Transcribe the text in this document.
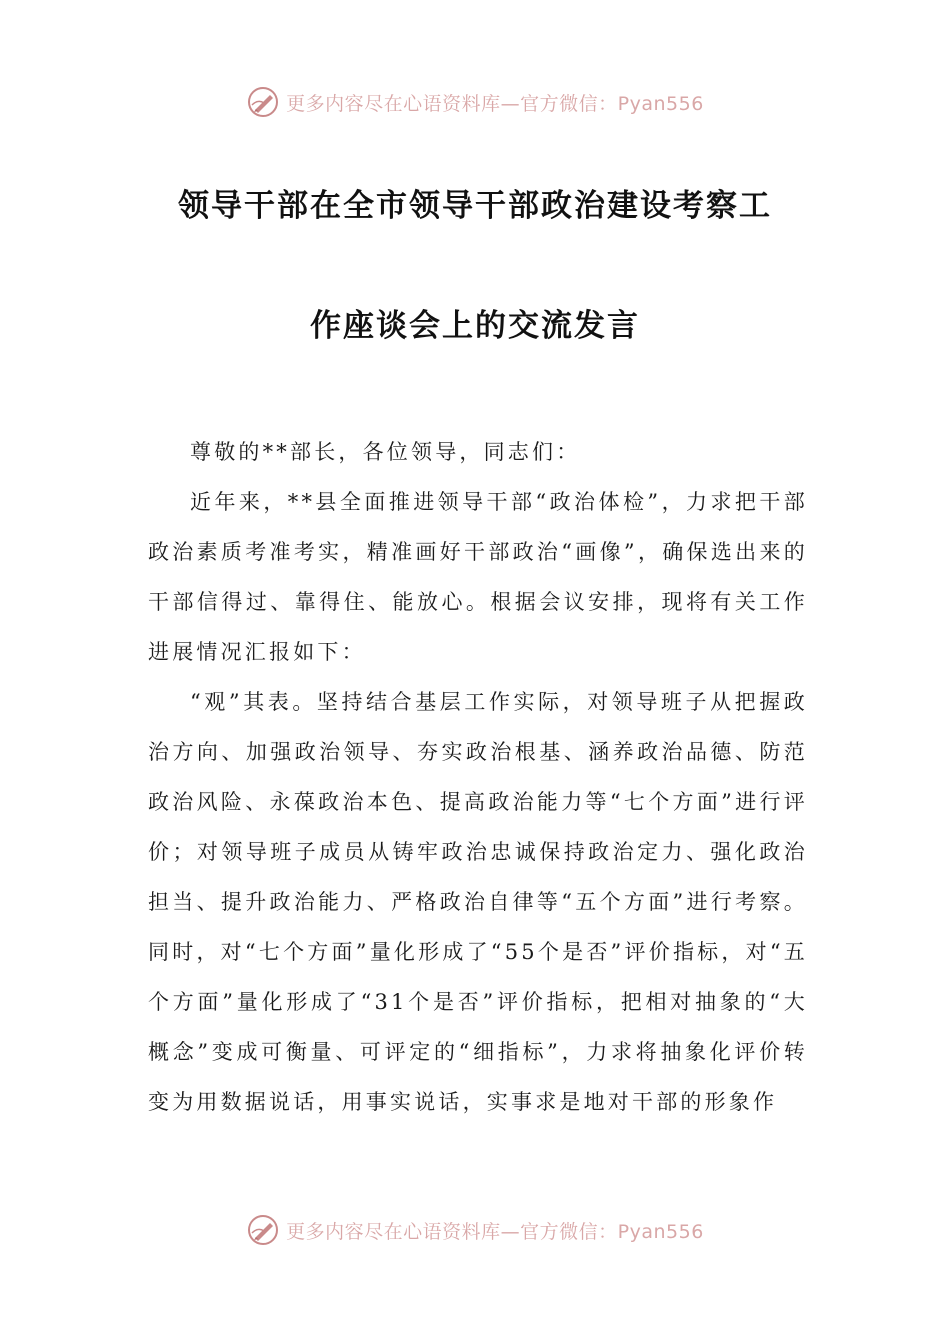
更多内容尽在心语资料库—官方微信：Pyan556
领导干部在全市领导干部政治建设考察工
作座谈会上的交流发言

尊敬的**部长，各位领导，同志们：

近年来，**县全面推进领导干部“政治体检”，力求把干部政治素质考准考实，精准画好干部政治“画像”，确保选出来的干部信得过、靠得住、能放心。根据会议安排，现将有关工作进展情况汇报如下：

“观”其表。坚持结合基层工作实际，对领导班子从把握政治方向、加强政治领导、夯实政治根基、涵养政治品德、防范政治风险、永葆政治本色、提高政治能力等“七个方面”进行评价；对领导班子成员从铸牢政治忠诚保持政治定力、强化政治担当、提升政治能力、严格政治自律等“五个方面”进行考察。同时，对“七个方面”量化形成了“55个是否”评价指标，对“五个方面”量化形成了“31个是否”评价指标，把相对抽象的“大概念”变成可衡量、可评定的“细指标”，力求将抽象化评价转变为用数据说话，用事实说话，实事求是地对干部的形象作

更多内容尽在心语资料库—官方微信：Pyan556
